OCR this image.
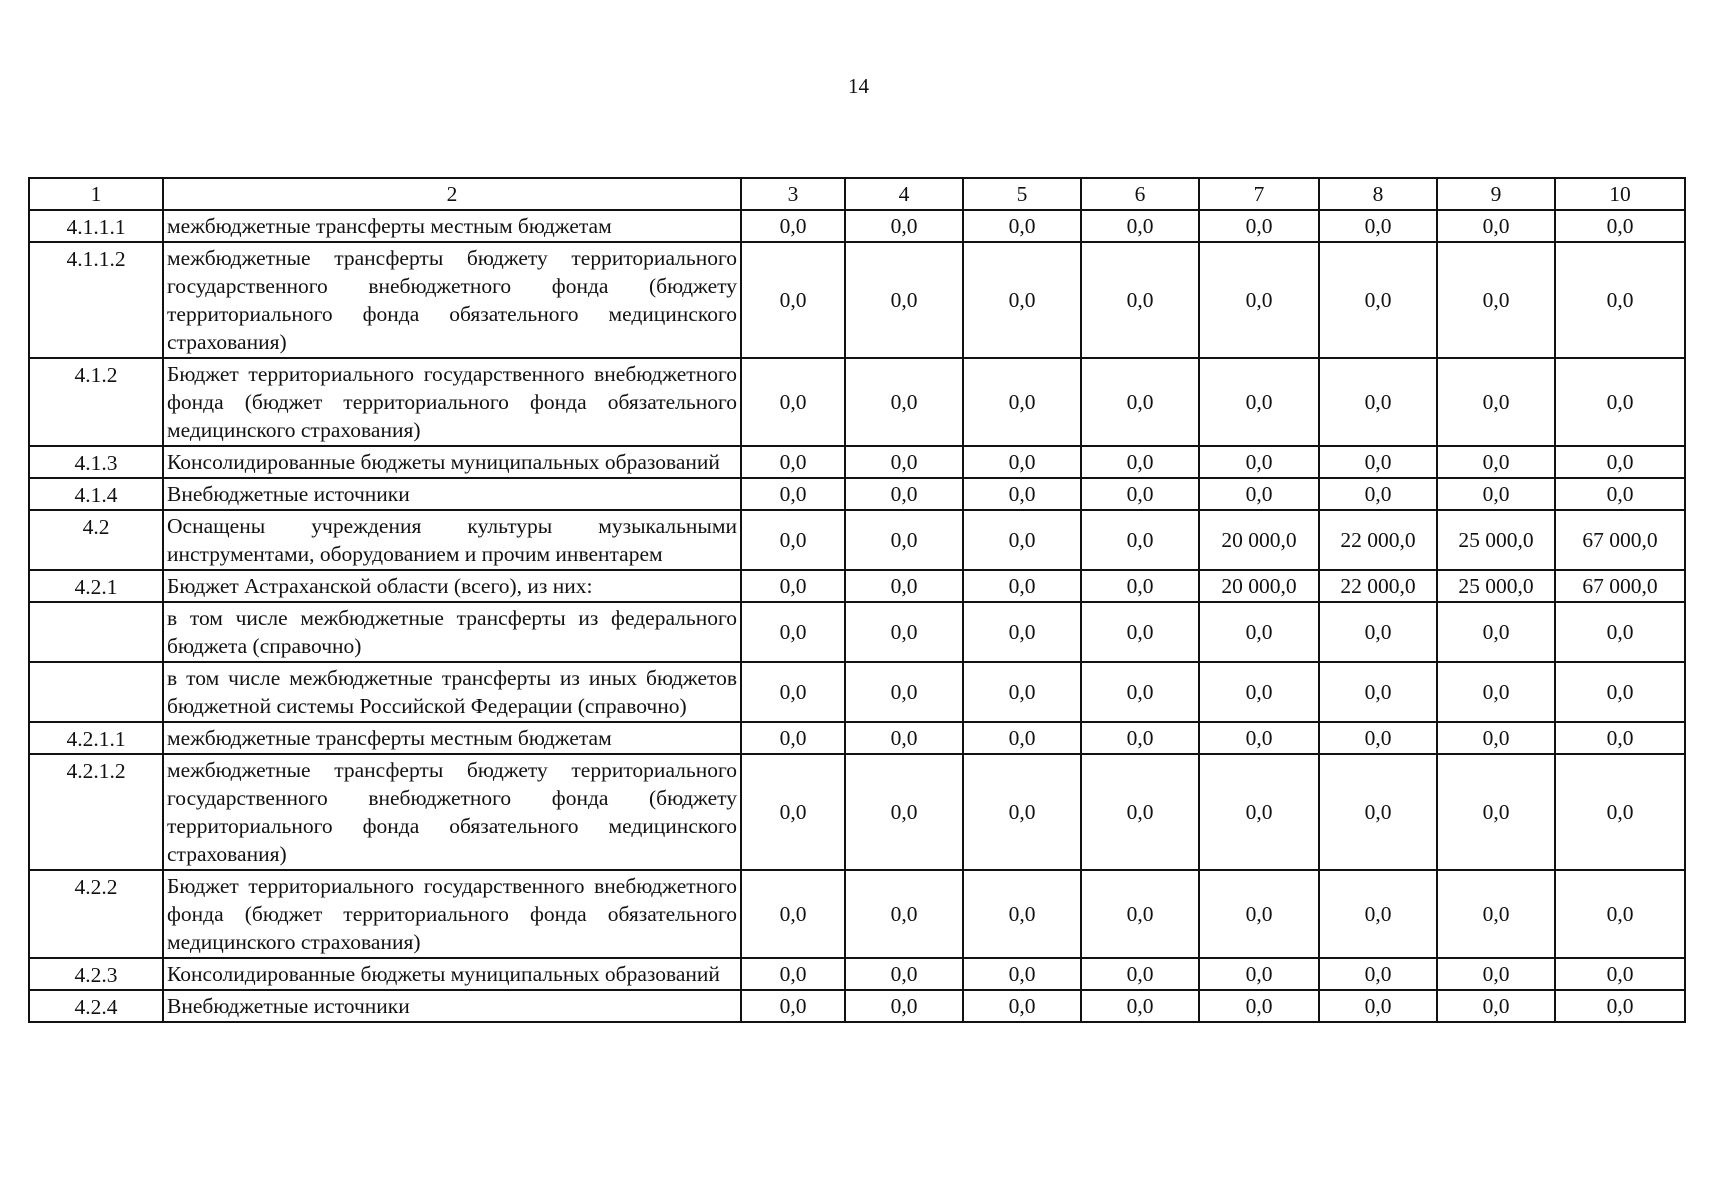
14
1	2	3	4	5	6	7	8	9	10
4.1.1.1	межбюджетные трансферты местным бюджетам	0,0	0,0	0,0	0,0	0,0	0,0	0,0	0,0
4.1.1.2	межбюджетные трансферты бюджету территориального государственного внебюджетного фонда (бюджету территориального фонда обязательного медицинского страхования)	0,0	0,0	0,0	0,0	0,0	0,0	0,0	0,0
4.1.2	Бюджет территориального государственного внебюджетного фонда (бюджет территориального фонда обязательного медицинского страхования)	0,0	0,0	0,0	0,0	0,0	0,0	0,0	0,0
4.1.3	Консолидированные бюджеты муниципальных образований	0,0	0,0	0,0	0,0	0,0	0,0	0,0	0,0
4.1.4	Внебюджетные источники	0,0	0,0	0,0	0,0	0,0	0,0	0,0	0,0
4.2	Оснащены учреждения культуры музыкальными инструментами, оборудованием и прочим инвентарем	0,0	0,0	0,0	0,0	20 000,0	22 000,0	25 000,0	67 000,0
4.2.1	Бюджет Астраханской области (всего), из них:	0,0	0,0	0,0	0,0	20 000,0	22 000,0	25 000,0	67 000,0
	в том числе межбюджетные трансферты из федерального бюджета (справочно)	0,0	0,0	0,0	0,0	0,0	0,0	0,0	0,0
	в том числе межбюджетные трансферты из иных бюджетов бюджетной системы Российской Федерации (справочно)	0,0	0,0	0,0	0,0	0,0	0,0	0,0	0,0
4.2.1.1	межбюджетные трансферты местным бюджетам	0,0	0,0	0,0	0,0	0,0	0,0	0,0	0,0
4.2.1.2	межбюджетные трансферты бюджету территориального государственного внебюджетного фонда (бюджету территориального фонда обязательного медицинского страхования)	0,0	0,0	0,0	0,0	0,0	0,0	0,0	0,0
4.2.2	Бюджет территориального государственного внебюджетного фонда (бюджет территориального фонда обязательного медицинского страхования)	0,0	0,0	0,0	0,0	0,0	0,0	0,0	0,0
4.2.3	Консолидированные бюджеты муниципальных образований	0,0	0,0	0,0	0,0	0,0	0,0	0,0	0,0
4.2.4	Внебюджетные источники	0,0	0,0	0,0	0,0	0,0	0,0	0,0	0,0
